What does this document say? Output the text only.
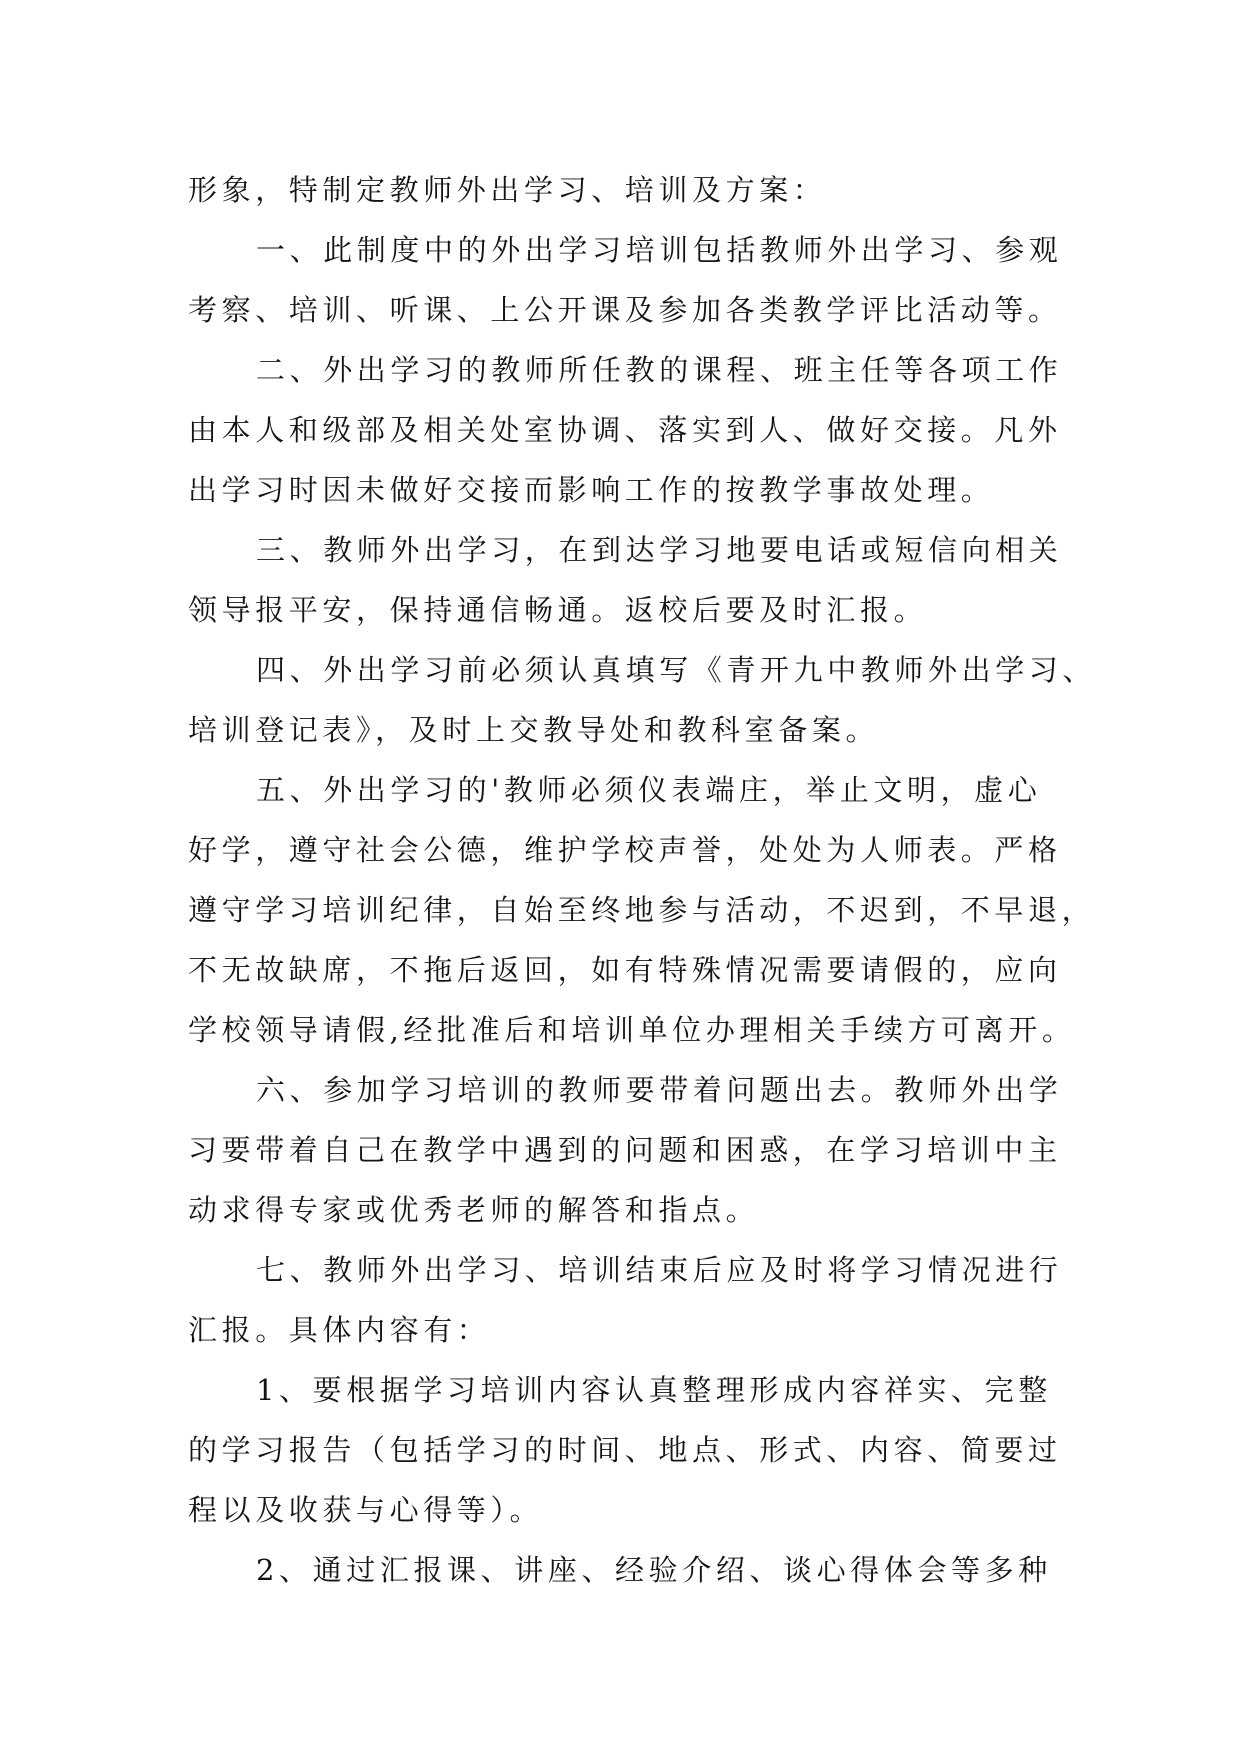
形象，特制定教师外出学习、培训及方案：
一、此制度中的外出学习培训包括教师外出学习、参观
考察、培训、听课、上公开课及参加各类教学评比活动等。
二、外出学习的教师所任教的课程、班主任等各项工作
由本人和级部及相关处室协调、落实到人、做好交接。凡外
出学习时因未做好交接而影响工作的按教学事故处理。
三、教师外出学习，在到达学习地要电话或短信向相关
领导报平安，保持通信畅通。返校后要及时汇报。
四、外出学习前必须认真填写《青开九中教师外出学习、
培训登记表》，及时上交教导处和教科室备案。
五、外出学习的'教师必须仪表端庄，举止文明，虚心
好学，遵守社会公德，维护学校声誉，处处为人师表。严格
遵守学习培训纪律，自始至终地参与活动，不迟到，不早退，
不无故缺席，不拖后返回，如有特殊情况需要请假的，应向
学校领导请假,经批准后和培训单位办理相关手续方可离开。
六、参加学习培训的教师要带着问题出去。教师外出学
习要带着自己在教学中遇到的问题和困惑，在学习培训中主
动求得专家或优秀老师的解答和指点。
七、教师外出学习、培训结束后应及时将学习情况进行
汇报。具体内容有：
1、要根据学习培训内容认真整理形成内容祥实、完整
的学习报告（包括学习的时间、地点、形式、内容、简要过
程以及收获与心得等）。
2、通过汇报课、讲座、经验介绍、谈心得体会等多种
